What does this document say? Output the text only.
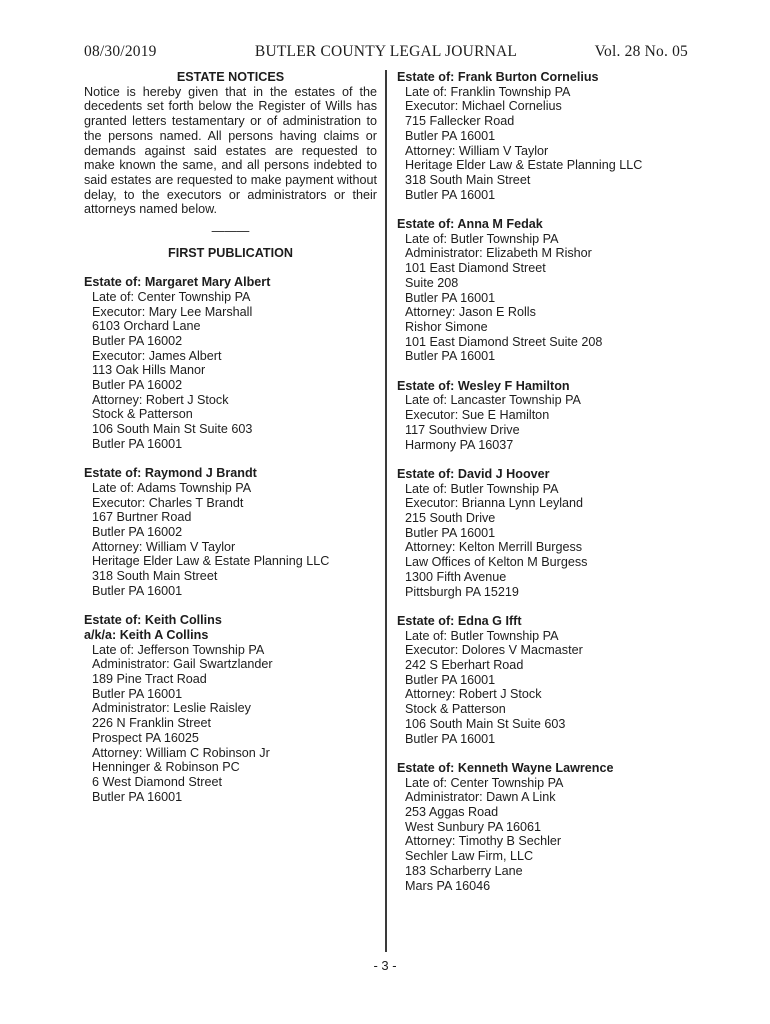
08/30/2019	BUTLER COUNTY LEGAL JOURNAL	Vol. 28 No. 05

ESTATE NOTICES

Notice is hereby given that in the estates of the decedents set forth below the Register of Wills has granted letters testamentary or of administration to the persons named. All persons having claims or demands against said estates are requested to make known the same, and all persons indebted to said estates are requested to make payment without delay, to the executors or administrators or their attorneys named below.

———

FIRST PUBLICATION

Estate of: Margaret Mary Albert

Late of: Center Township PA

Executor: Mary Lee Marshall

6103 Orchard Lane

Butler PA 16002

Executor: James Albert

113 Oak Hills Manor

Butler PA 16002

Attorney: Robert J Stock

Stock & Patterson

106 South Main St Suite 603

Butler PA 16001

Estate of: Raymond J Brandt

Late of: Adams Township PA

Executor: Charles T Brandt

167 Burtner Road

Butler PA 16002

Attorney: William V Taylor

Heritage Elder Law & Estate Planning LLC

318 South Main Street

Butler PA 16001

Estate of: Keith Collins

a/k/a: Keith A Collins

Late of: Jefferson Township PA

Administrator: Gail Swartzlander

189 Pine Tract Road

Butler PA 16001

Administrator: Leslie Raisley

226 N Franklin Street

Prospect PA 16025

Attorney: William C Robinson Jr

Henninger & Robinson PC

6 West Diamond Street

Butler PA 16001

Estate of: Frank Burton Cornelius

Late of: Franklin Township PA

Executor: Michael Cornelius

715 Fallecker Road

Butler PA 16001

Attorney: William V Taylor

Heritage Elder Law & Estate Planning LLC

318 South Main Street

Butler PA 16001

Estate of: Anna M Fedak

Late of: Butler Township PA

Administrator: Elizabeth M Rishor

101 East Diamond Street

Suite 208

Butler PA 16001

Attorney: Jason E Rolls

Rishor Simone

101 East Diamond Street Suite 208

Butler PA 16001

Estate of: Wesley F Hamilton

Late of: Lancaster Township PA

Executor: Sue E Hamilton

117 Southview Drive

Harmony PA 16037

Estate of: David J Hoover

Late of: Butler Township PA

Executor: Brianna Lynn Leyland

215 South Drive

Butler PA 16001

Attorney: Kelton Merrill Burgess

Law Offices of Kelton M Burgess

1300 Fifth Avenue

Pittsburgh PA 15219

Estate of: Edna G Ifft

Late of: Butler Township PA

Executor: Dolores V Macmaster

242 S Eberhart Road

Butler PA 16001

Attorney: Robert J Stock

Stock & Patterson

106 South Main St Suite 603

Butler PA 16001

Estate of: Kenneth Wayne Lawrence

Late of: Center Township PA

Administrator: Dawn A Link

253 Aggas Road

West Sunbury PA 16061

Attorney: Timothy B Sechler

Sechler Law Firm, LLC

183 Scharberry Lane

Mars PA 16046

- 3 -
